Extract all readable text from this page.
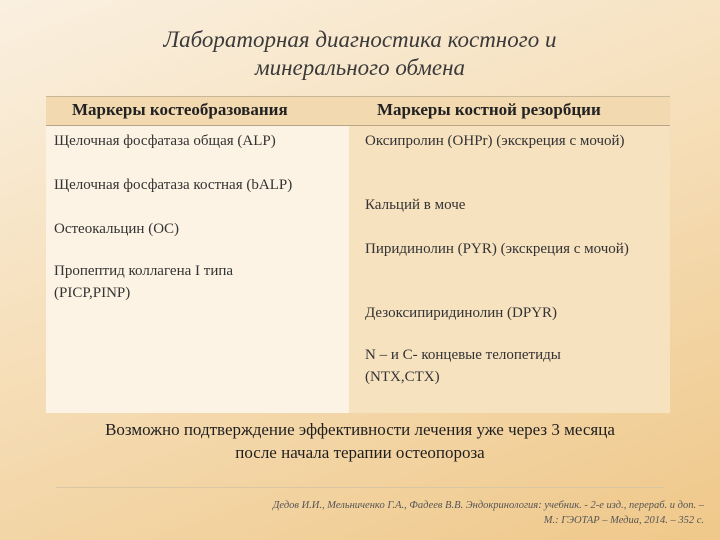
Лабораторная диагностика костного и
минерального обмена
Маркеры костеобразования	Маркеры костной резорбции
Щелочная фосфатаза общая (ALP)
Щелочная фосфатаза костная (bALP)
Остеокальцин (OC)
Пропептид коллагена I типа (PICP,PINP)
Оксипролин (OHPr) (экскреция с мочой)
Кальций в моче
Пиридинолин (PYR) (экскреция с мочой)
Дезоксипиридинолин (DPYR)
N – и С- концевые телопетиды (NTX,CTX)
Возможно подтверждение эффективности лечения уже через 3 месяца
после начала терапии остеопороза
Дедов И.И., Мельниченко Г.А., Фадеев В.В. Эндокринология: учебник. - 2-е изд., перераб. и доп. –
М.: ГЭОТАР – Медиа, 2014. – 352 с.
